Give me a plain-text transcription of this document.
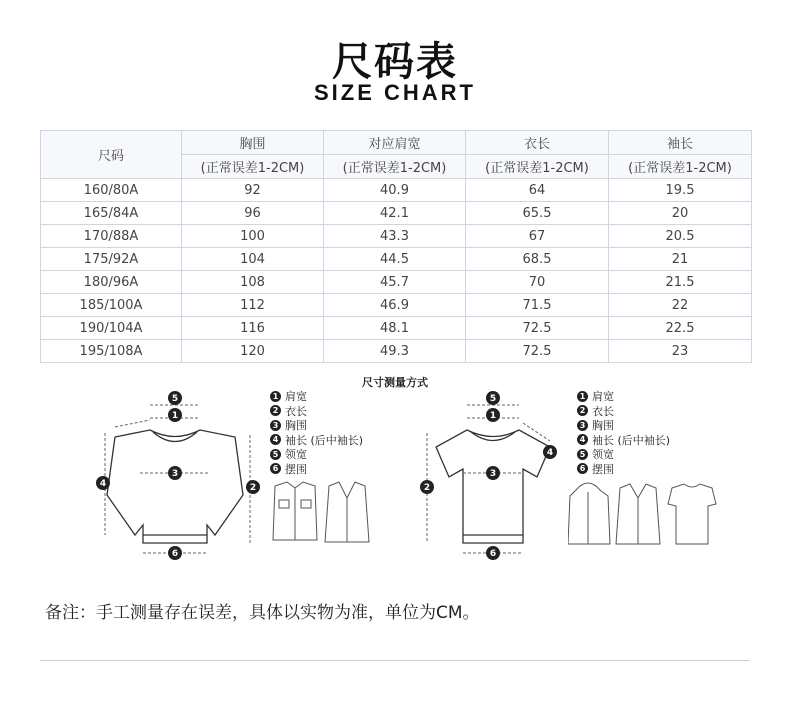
尺码表
SIZE CHART
尺码	胸围	对应肩宽	衣长	袖长
	(正常误差1-2CM)	(正常误差1-2CM)	(正常误差1-2CM)	(正常误差1-2CM)
160/80A	92	40.9	64	19.5
165/84A	96	42.1	65.5	20
170/88A	100	43.3	67	20.5
175/92A	104	44.5	68.5	21
180/96A	108	45.7	70	21.5
185/100A	112	46.9	71.5	22
190/104A	116	48.1	72.5	22.5
195/108A	120	49.3	72.5	23
尺寸测量方式
5
1
3
4	2
6
1 肩宽
2 衣长
3 胸围
4 袖长 (后中袖长)
5 领宽
6 摆围
5
1
3
2
4
6
1 肩宽
2 衣长
3 胸围
4 袖长 (后中袖长)
5 领宽
6 摆围
备注：手工测量存在误差，具体以实物为准，单位为CM。
